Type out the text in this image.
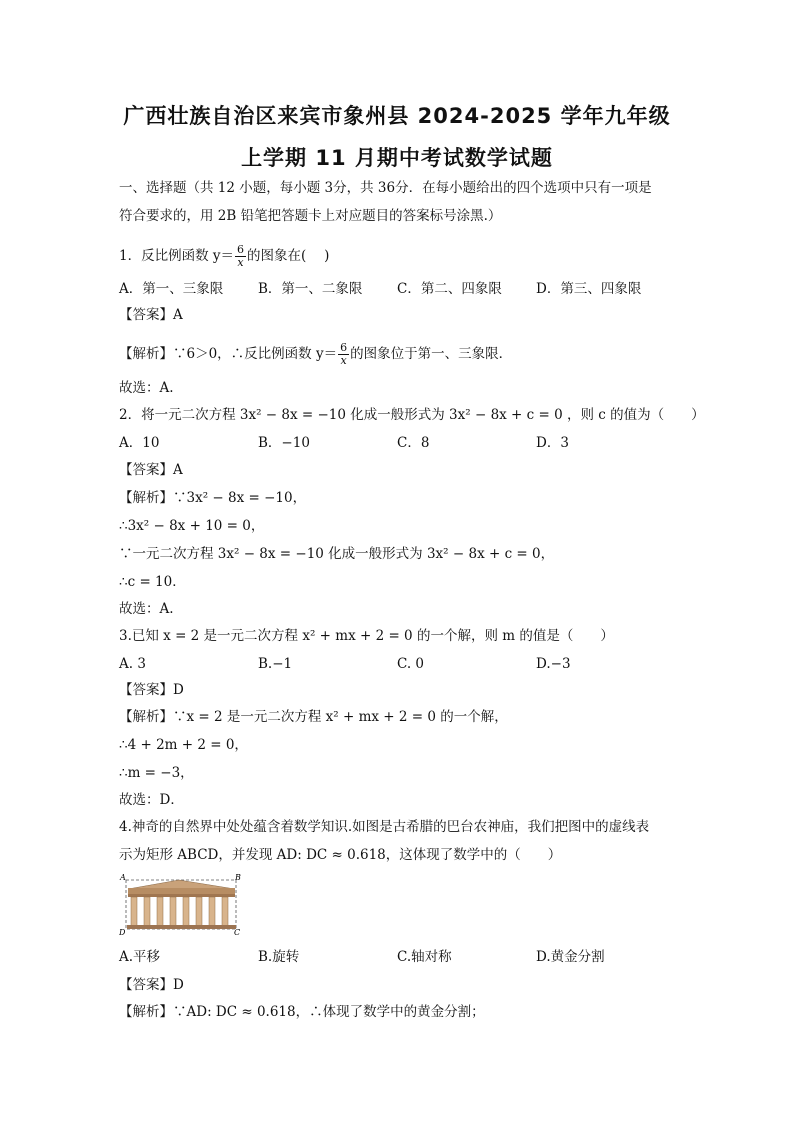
广西壮族自治区来宾市象州县 2024-2025 学年九年级
上学期 11 月期中考试数学试题
一、选择题（共 12 小题，每小题 3分，共 36分．在每小题给出的四个选项中只有一项是
符合要求的，用 2B 铅笔把答题卡上对应题目的答案标号涂黑.）
1．反比例函数 $y= \frac{6}{x}$ 的图象在(　 )
A．第一、三象限	B．第一、二象限	C．第二、四象限	D．第三、四象限
【答案】A
【解析】∵6＞0，∴反比例函数 $y= \frac{6}{x}$ 的图象位于第一、三象限．
故选：A.
2．将一元二次方程 3x² − 8x = −10 化成一般形式为 3x² − 8x + c = 0 ，则 c 的值为（　　）
A．10	B．−10	C．8	D．3
【答案】A
【解析】∵3x² − 8x = −10，
∴3x² − 8x + 10 = 0，
∵一元二次方程 3x² − 8x = −10 化成一般形式为 3x² − 8x + c = 0，
∴c = 10．
故选：A.
3.已知 x = 2 是一元二次方程 x² + mx + 2 = 0 的一个解，则 m 的值是（　　）
A. 3	B.−1	C. 0	D.−3
【答案】D
【解析】∵x = 2 是一元二次方程 x² + mx + 2 = 0 的一个解，
∴4 + 2m + 2 = 0，
∴m = −3，
故选：D．
4.神奇的自然界中处处蕴含着数学知识.如图是古希腊的巴台农神庙，我们把图中的虚线表
示为矩形 ABCD，并发现 AD: DC ≈ 0.618，这体现了数学中的（　　）
A	B
D	C
A.平移	B.旋转	C.轴对称	D.黄金分割
【答案】D
【解析】∵AD: DC ≈ 0.618，∴体现了数学中的黄金分割；
